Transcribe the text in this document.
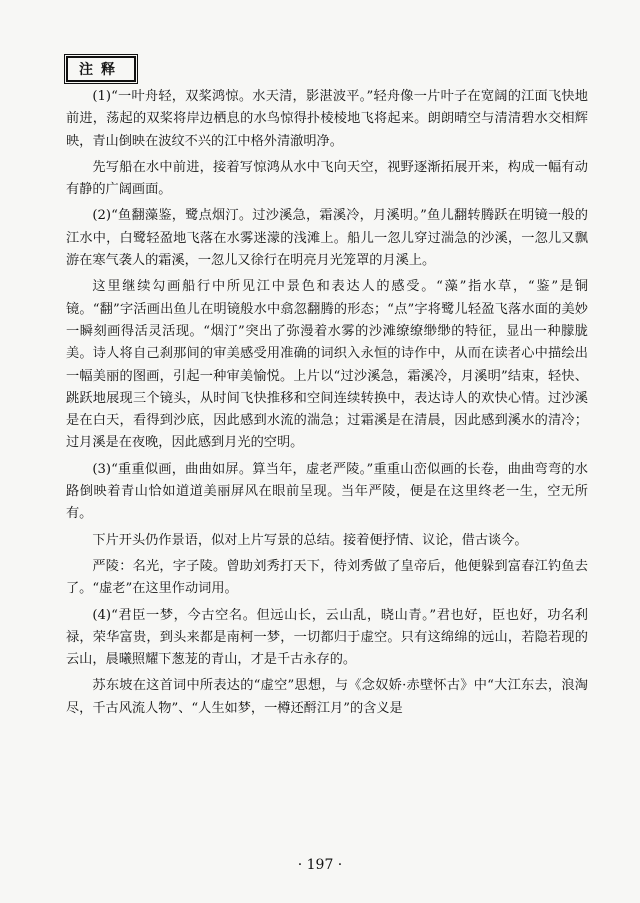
注释

(1)“一叶舟轻，双桨鸿惊。水天清，影湛波平。”轻舟像一片叶子在宽阔的江面飞快地前进，荡起的双桨将岸边栖息的水鸟惊得扑棱棱地飞将起来。朗朗晴空与清清碧水交相辉映，青山倒映在波纹不兴的江中格外清澈明净。

先写船在水中前进，接着写惊鸿从水中飞向天空，视野逐渐拓展开来，构成一幅有动有静的广阔画面。

(2)“鱼翻藻鉴，鹭点烟汀。过沙溪急，霜溪冷，月溪明。”鱼儿翻转腾跃在明镜一般的江水中，白鹭轻盈地飞落在水雾迷濛的浅滩上。船儿一忽儿穿过湍急的沙溪，一忽儿又飘游在寒气袭人的霜溪，一忽儿又徐行在明亮月光笼罩的月溪上。

这里继续勾画船行中所见江中景色和表达人的感受。“藻”指水草，“鉴”是铜镜。“翻”字活画出鱼儿在明镜般水中翕忽翻腾的形态；“点”字将鹭儿轻盈飞落水面的美妙一瞬刻画得活灵活现。“烟汀”突出了弥漫着水雾的沙滩缭缭缈缈的特征，显出一种朦胧美。诗人将自己刹那间的审美感受用准确的词织入永恒的诗作中，从而在读者心中描绘出一幅美丽的图画，引起一种审美愉悦。上片以“过沙溪急，霜溪冷，月溪明”结束，轻快、跳跃地展现三个镜头，从时间飞快推移和空间连续转换中，表达诗人的欢快心情。过沙溪是在白天，看得到沙底，因此感到水流的湍急；过霜溪是在清晨，因此感到溪水的清冷；过月溪是在夜晚，因此感到月光的空明。

(3)“重重似画，曲曲如屏。算当年，虚老严陵。”重重山峦似画的长卷，曲曲弯弯的水路倒映着青山恰如道道美丽屏风在眼前呈现。当年严陵，便是在这里终老一生，空无所有。

下片开头仍作景语，似对上片写景的总结。接着便抒情、议论，借古谈今。

严陵：名光，字子陵。曾助刘秀打天下，待刘秀做了皇帝后，他便躲到富春江钓鱼去了。“虚老”在这里作动词用。

(4)“君臣一梦，今古空名。但远山长，云山乱，晓山青。”君也好，臣也好，功名利禄，荣华富贵，到头来都是南柯一梦，一切都归于虚空。只有这绵绵的远山，若隐若现的云山，晨曦照耀下葱茏的青山，才是千古永存的。

苏东坡在这首词中所表达的“虚空”思想，与《念奴娇·赤壁怀古》中“大江东去，浪淘尽，千古风流人物”、“人生如梦，一樽还酹江月”的含义是

· 197 ·
